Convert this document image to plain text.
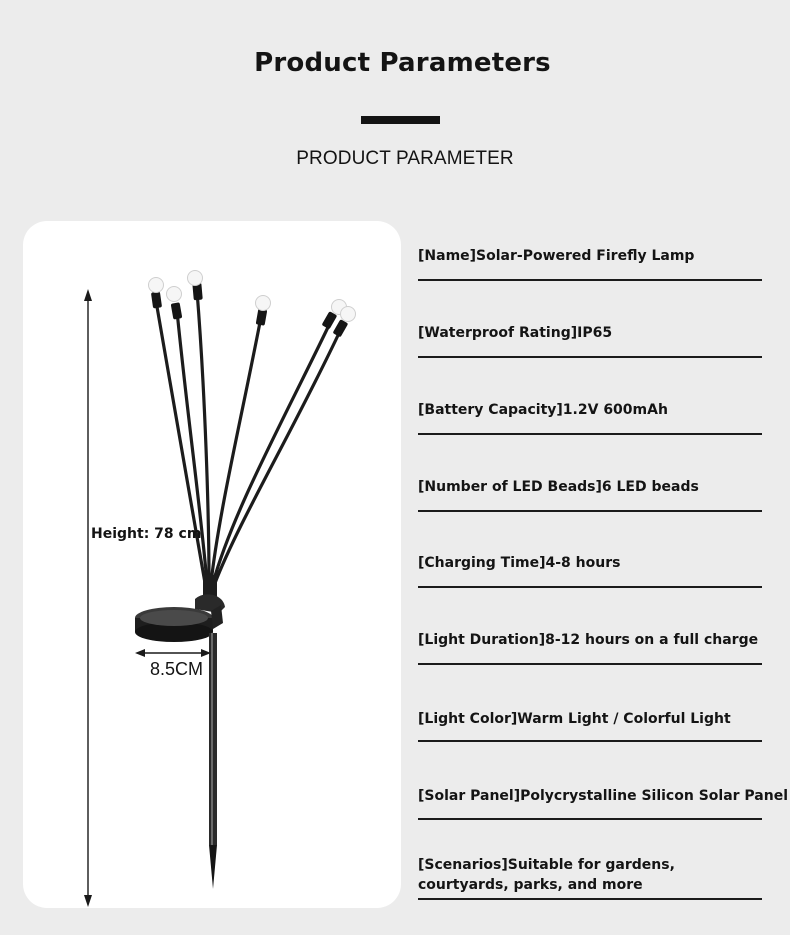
Product Parameters
PRODUCT PARAMETER
Height: 78 cm
8.5CM
[Name]Solar-Powered Firefly Lamp
[Waterproof Rating]IP65
[Battery Capacity]1.2V 600mAh
[Number of LED Beads]6 LED beads
[Charging Time]4-8 hours
[Light Duration]8-12 hours on a full charge
[Light Color]Warm Light / Colorful Light
[Solar Panel]Polycrystalline Silicon Solar Panel
[Scenarios]Suitable for gardens,
courtyards, parks, and more
